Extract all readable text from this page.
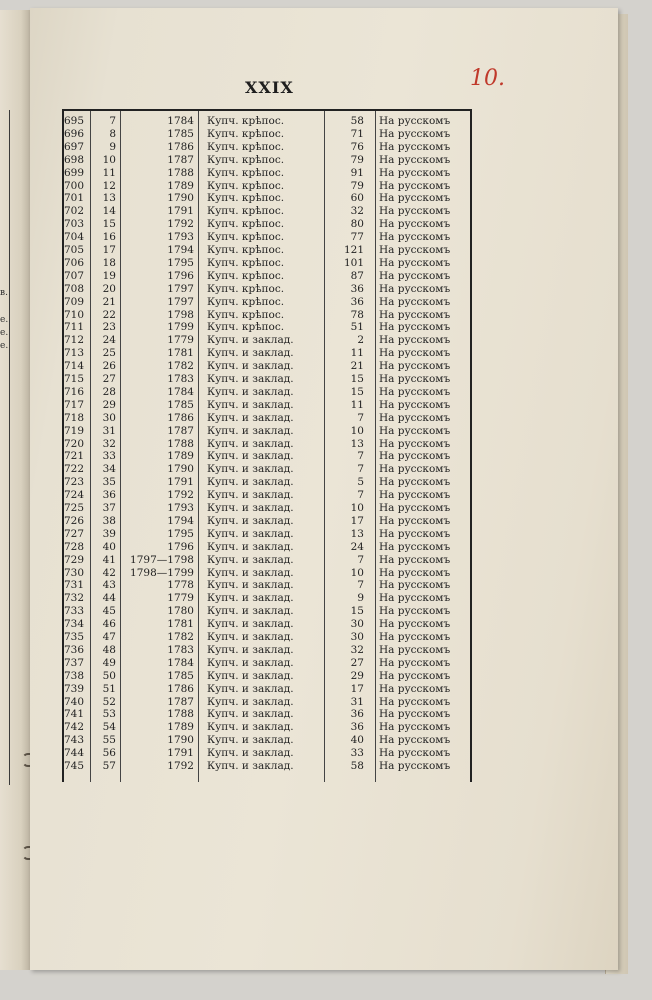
в.
е.
е.
е.
XXIX	10.
695	7	1784 Купч. крѣпос.	58 На русскомъ
696	8	1785 Купч. крѣпос.	71 На русскомъ
697	9	1786 Купч. крѣпос.	76 На русскомъ
698	10	1787 Купч. крѣпос.	79 На русскомъ
699	11	1788 Купч. крѣпос.	91 На русскомъ
700	12	1789 Купч. крѣпос.	79 На русскомъ
701	13	1790 Купч. крѣпос.	60 На русскомъ
702	14	1791 Купч. крѣпос.	32 На русскомъ
703	15	1792 Купч. крѣпос.	80 На русскомъ
704	16	1793 Купч. крѣпос.	77 На русскомъ
705	17	1794 Купч. крѣпос.	121 На русскомъ
706	18	1795 Купч. крѣпос.	101 На русскомъ
707	19	1796 Купч. крѣпос.	87 На русскомъ
708	20	1797 Купч. крѣпос.	36 На русскомъ
709	21	1797 Купч. крѣпос.	36 На русскомъ
710	22	1798 Купч. крѣпос.	78 На русскомъ
711	23	1799 Купч. крѣпос.	51 На русскомъ
712	24	1779 Купч. и заклад.	2 На русскомъ
713	25	1781 Купч. и заклад.	11 На русскомъ
714	26	1782 Купч. и заклад.	21 На русскомъ
715	27	1783 Купч. и заклад.	15 На русскомъ
716	28	1784 Купч. и заклад.	15 На русскомъ
717	29	1785 Купч. и заклад.	11 На русскомъ
718	30	1786 Купч. и заклад.	7 На русскомъ
719	31	1787 Купч. и заклад.	10 На русскомъ
720	32	1788 Купч. и заклад.	13 На русскомъ
721	33	1789 Купч. и заклад.	7 На русскомъ
722	34	1790 Купч. и заклад.	7 На русскомъ
723	35	1791 Купч. и заклад.	5 На русскомъ
724	36	1792 Купч. и заклад.	7 На русскомъ
725	37	1793 Купч. и заклад.	10 На русскомъ
726	38	1794 Купч. и заклад.	17 На русскомъ
727	39	1795 Купч. и заклад.	13 На русскомъ
728	40	1796 Купч. и заклад.	24 На русскомъ
729	41	1797—1798 Купч. и заклад.	7 На русскомъ
730	42	1798—1799 Купч. и заклад.	10 На русскомъ
731	43	1778 Купч. и заклад.	7 На русскомъ
732	44	1779 Купч. и заклад.	9 На русскомъ
733	45	1780 Купч. и заклад.	15 На русскомъ
734	46	1781 Купч. и заклад.	30 На русскомъ
735	47	1782 Купч. и заклад.	30 На русскомъ
736	48	1783 Купч. и заклад.	32 На русскомъ
737	49	1784 Купч. и заклад.	27 На русскомъ
738	50	1785 Купч. и заклад.	29 На русскомъ
739	51	1786 Купч. и заклад.	17 На русскомъ
740	52	1787 Купч. и заклад.	31 На русскомъ
741	53	1788 Купч. и заклад.	36 На русскомъ
742	54	1789 Купч. и заклад.	36 На русскомъ
743	55	1790 Купч. и заклад.	40 На русскомъ
744	56	1791 Купч. и заклад.	33 На русскомъ
745	57	1792 Купч. и заклад.	58 На русскомъ
